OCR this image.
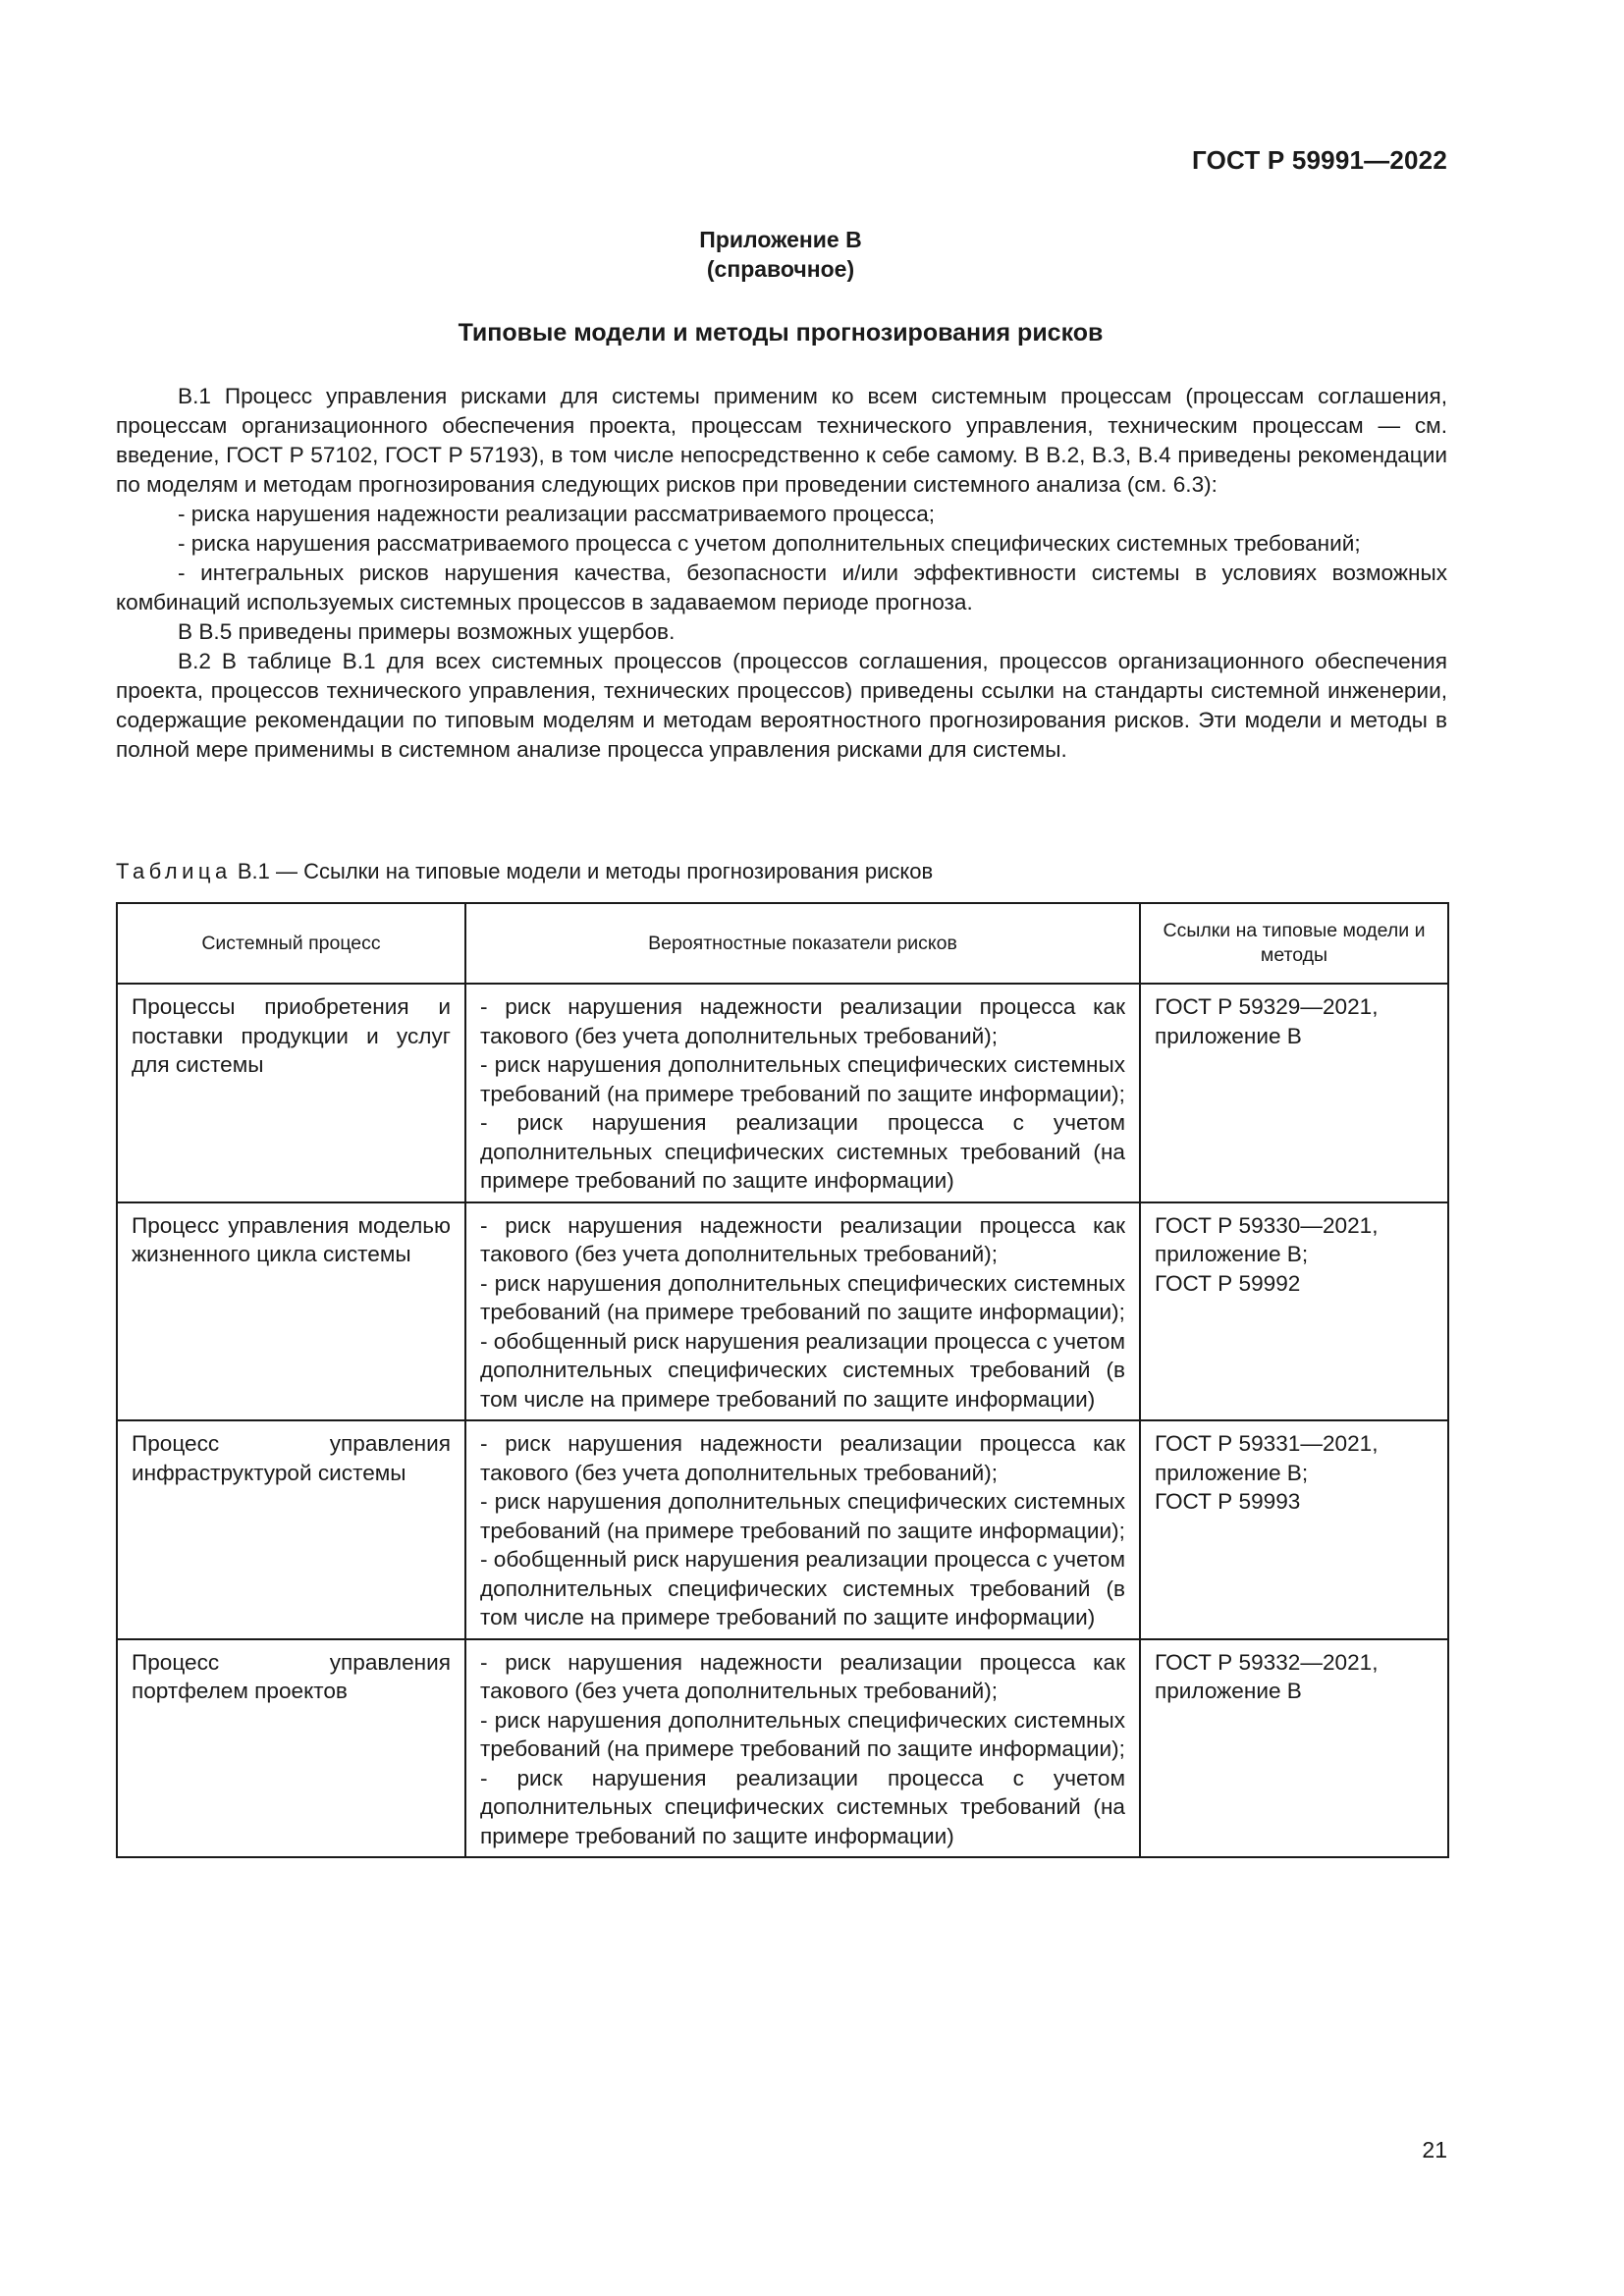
ГОСТ Р 59991—2022
Приложение В
(справочное)
Типовые модели и методы прогнозирования рисков

В.1 Процесс управления рисками для системы применим ко всем системным процессам (процессам соглашения, процессам организационного обеспечения проекта, процессам технического управления, техническим процессам — см. введение, ГОСТ Р 57102, ГОСТ Р 57193), в том числе непосредственно к себе самому. В В.2, В.3, В.4 приведены рекомендации по моделям и методам прогнозирования следующих рисков при проведении системного анализа (см. 6.3):

- риска нарушения надежности реализации рассматриваемого процесса;

- риска нарушения рассматриваемого процесса с учетом дополнительных специфических системных требований;

- интегральных рисков нарушения качества, безопасности и/или эффективности системы в условиях возможных комбинаций используемых системных процессов в задаваемом периоде прогноза.

В В.5 приведены примеры возможных ущербов.

В.2 В таблице В.1 для всех системных процессов (процессов соглашения, процессов организационного обеспечения проекта, процессов технического управления, технических процессов) приведены ссылки на стандарты системной инженерии, содержащие рекомендации по типовым моделям и методам вероятностного прогнозирования рисков. Эти модели и методы в полной мере применимы в системном анализе процесса управления рисками для системы.

Таблица В.1 — Ссылки на типовые модели и методы прогнозирования рисков
Системный процесс	Вероятностные показатели рисков	Ссылки на типовые модели и методы
Процессы приобретения и поставки продукции и услуг для системы	- риск нарушения надежности реализации процесса как такового (без учета дополнительных требований);
- риск нарушения дополнительных специфических системных требований (на примере требований по защите информации);
- риск нарушения реализации процесса с учетом дополнительных специфических системных требований (на примере требований по защите информации)	ГОСТ Р 59329—2021, приложение В

Процесс управления моделью жизненного цикла системы	- риск нарушения надежности реализации процесса как такового (без учета дополнительных требований);
- риск нарушения дополнительных специфических системных требований (на примере требований по защите информации);
- обобщенный риск нарушения реализации процесса с учетом дополнительных специфических системных требований (в том числе на примере требований по защите информации)	ГОСТ Р 59330—2021, приложение В;
ГОСТ Р 59992

Процесс управления инфраструктурой системы	- риск нарушения надежности реализации процесса как такового (без учета дополнительных требований);
- риск нарушения дополнительных специфических системных требований (на примере требований по защите информации);
- обобщенный риск нарушения реализации процесса с учетом дополнительных специфических системных требований (в том числе на примере требований по защите информации)	ГОСТ Р 59331—2021, приложение В;
ГОСТ Р 59993

Процесс управления портфелем проектов	- риск нарушения надежности реализации процесса как такового (без учета дополнительных требований);
- риск нарушения дополнительных специфических системных требований (на примере требований по защите информации);
- риск нарушения реализации процесса с учетом дополнительных специфических системных требований (на примере требований по защите информации)	ГОСТ Р 59332—2021, приложение В
21
